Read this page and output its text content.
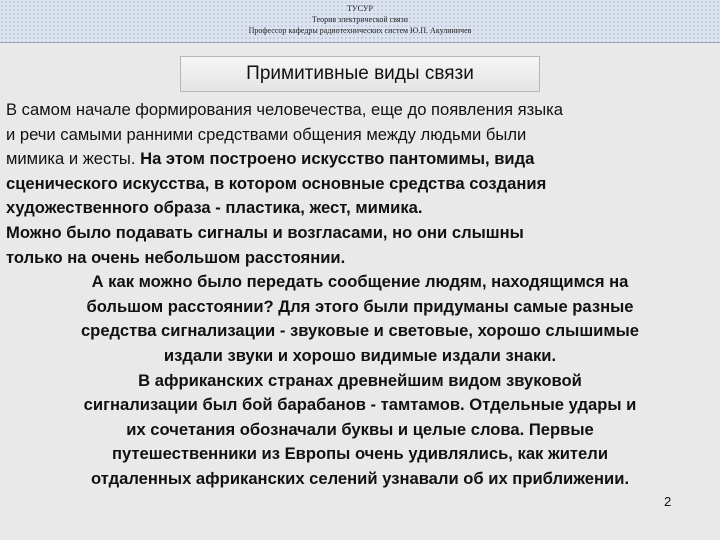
ТУСУР
Теория электрической связи
Профессор кафедры радиотехнических систем Ю.П. Акулиничев
Примитивные виды связи
В самом начале формирования человечества, еще до появления языка
и речи самыми ранними средствами общения между людьми были
мимика и жесты. На этом построено искусство пантомимы, вида
сценического искусства, в котором основные средства создания
художественного образа - пластика, жест, мимика.
Можно было подавать сигналы и возгласами, но они слышны
только на очень небольшом расстоянии.
А как можно было передать сообщение людям, находящимся на
большом расстоянии? Для этого были придуманы самые разные
средства сигнализации - звуковые и световые, хорошо слышимые
издали звуки и хорошо видимые издали знаки.
В африканских странах древнейшим видом звуковой
сигнализации был бой барабанов - тамтамов. Отдельные удары и
их сочетания обозначали буквы и целые слова. Первые
путешественники из Европы очень удивлялись, как жители
отдаленных африканских селений узнавали об их приближении.
2
